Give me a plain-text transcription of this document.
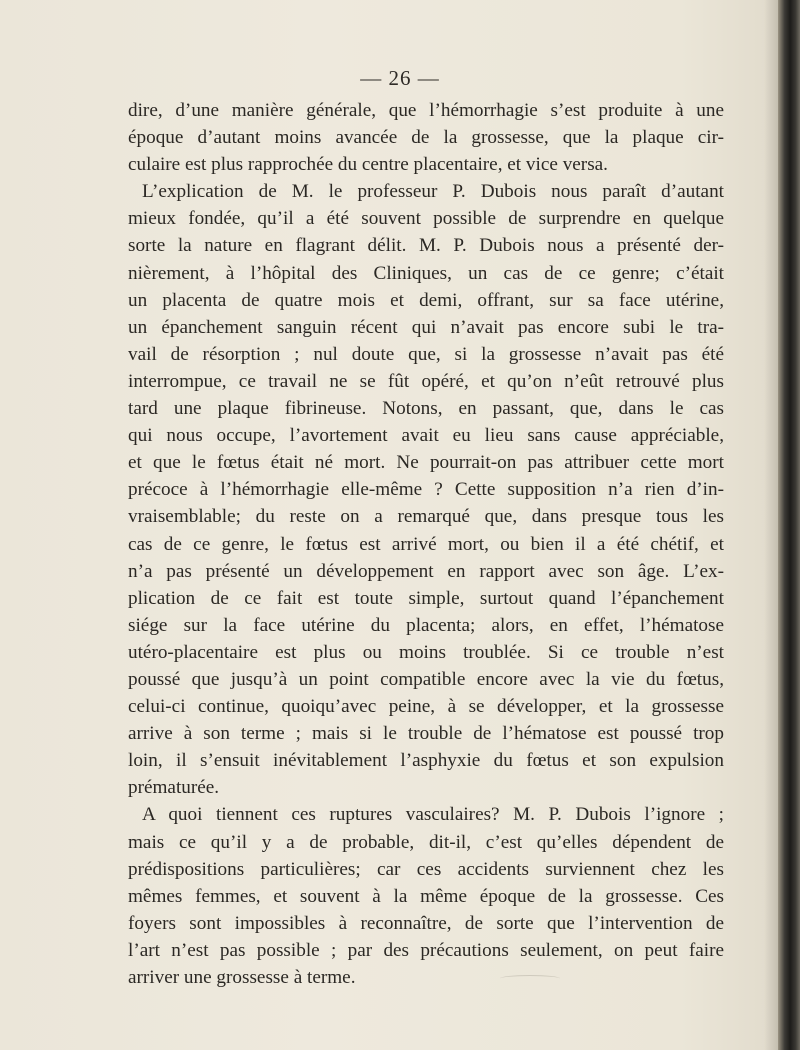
— 26 —
dire, d’une manière générale, que l’hémorrhagie s’est produite à une
époque d’autant moins avancée de la grossesse, que la plaque cir-
culaire est plus rapprochée du centre placentaire, et vice versa.
L’explication de M. le professeur P. Dubois nous paraît d’autant
mieux fondée, qu’il a été souvent possible de surprendre en quelque
sorte la nature en flagrant délit. M. P. Dubois nous a présenté der-
nièrement, à l’hôpital des Cliniques, un cas de ce genre; c’était
un placenta de quatre mois et demi, offrant, sur sa face utérine,
un épanchement sanguin récent qui n’avait pas encore subi le tra-
vail de résorption ; nul doute que, si la grossesse n’avait pas été
interrompue, ce travail ne se fût opéré, et qu’on n’eût retrouvé plus
tard une plaque fibrineuse. Notons, en passant, que, dans le cas
qui nous occupe, l’avortement avait eu lieu sans cause appréciable,
et que le fœtus était né mort. Ne pourrait-on pas attribuer cette mort
précoce à l’hémorrhagie elle-même ? Cette supposition n’a rien d’in-
vraisemblable; du reste on a remarqué que, dans presque tous les
cas de ce genre, le fœtus est arrivé mort, ou bien il a été chétif, et
n’a pas présenté un développement en rapport avec son âge. L’ex-
plication de ce fait est toute simple, surtout quand l’épanchement
siége sur la face utérine du placenta; alors, en effet, l’hématose
utéro-placentaire est plus ou moins troublée. Si ce trouble n’est
poussé que jusqu’à un point compatible encore avec la vie du fœtus,
celui-ci continue, quoiqu’avec peine, à se développer, et la grossesse
arrive à son terme ; mais si le trouble de l’hématose est poussé trop
loin, il s’ensuit inévitablement l’asphyxie du fœtus et son expulsion
prématurée.
A quoi tiennent ces ruptures vasculaires? M. P. Dubois l’ignore ;
mais ce qu’il y a de probable, dit-il, c’est qu’elles dépendent de
prédispositions particulières; car ces accidents surviennent chez les
mêmes femmes, et souvent à la même époque de la grossesse. Ces
foyers sont impossibles à reconnaître, de sorte que l’intervention de
l’art n’est pas possible ; par des précautions seulement, on peut faire
arriver une grossesse à terme.
